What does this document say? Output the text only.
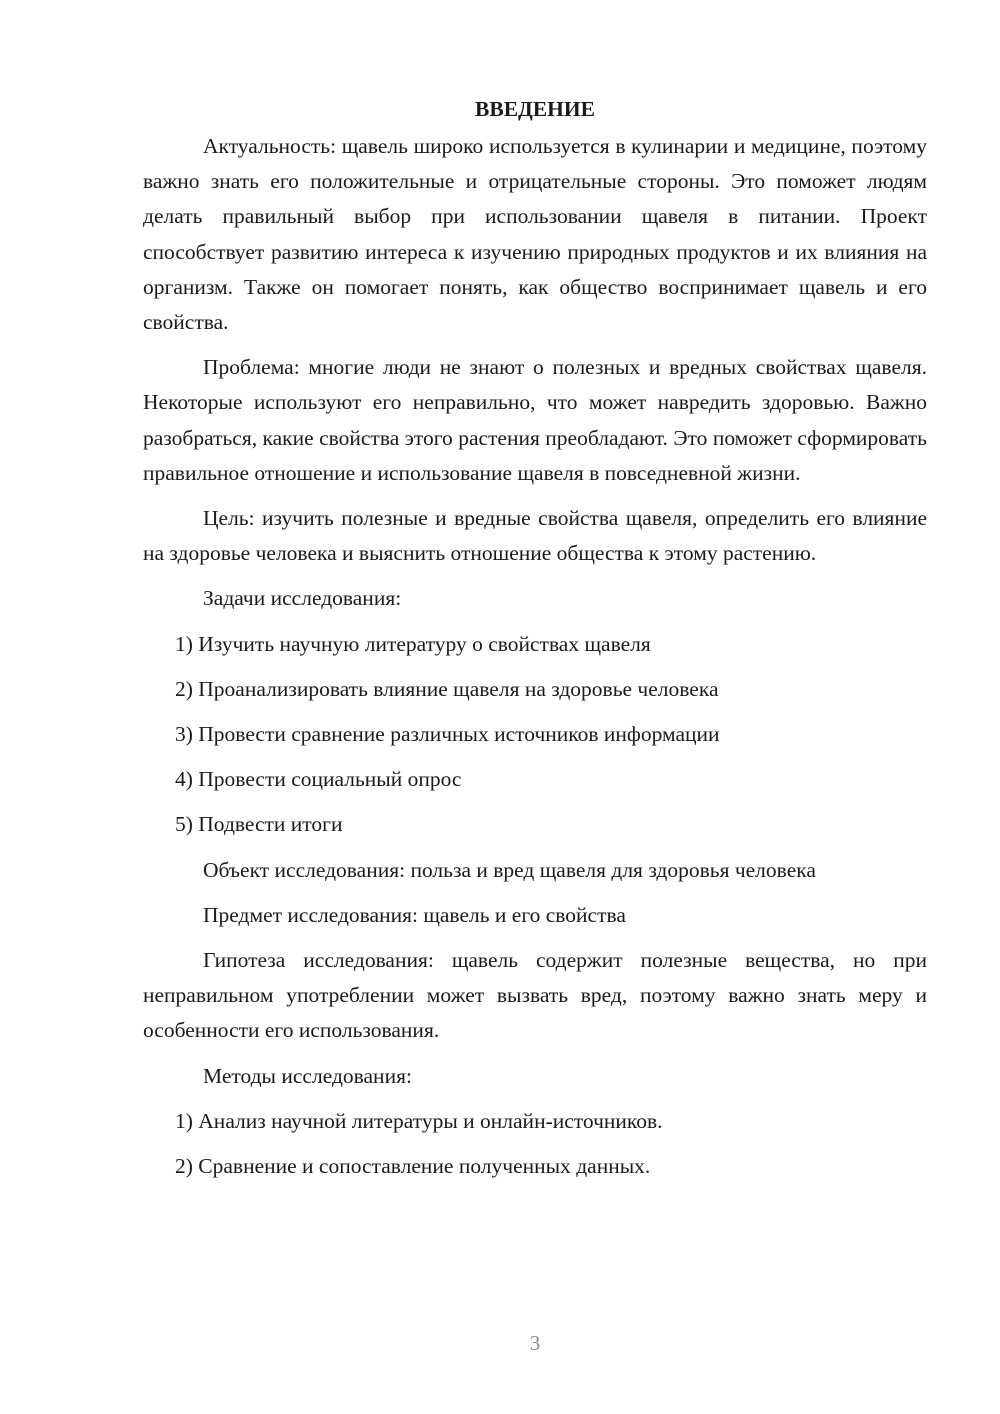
ВВЕДЕНИЕ

Актуальность: щавель широко используется в кулинарии и медицине, поэтому важно знать его положительные и отрицательные стороны. Это поможет людям делать правильный выбор при использовании щавеля в питании. Проект способствует развитию интереса к изучению природных продуктов и их влияния на организм. Также он помогает понять, как общество воспринимает щавель и его свойства.

Проблема: многие люди не знают о полезных и вредных свойствах щавеля. Некоторые используют его неправильно, что может навредить здоровью. Важно разобраться, какие свойства этого растения преобладают. Это поможет сформировать правильное отношение и использование щавеля в повседневной жизни.

Цель: изучить полезные и вредные свойства щавеля, определить его влияние на здоровье человека и выяснить отношение общества к этому растению.

Задачи исследования:
1) Изучить научную литературу о свойствах щавеля
2) Проанализировать влияние щавеля на здоровье человека
3) Провести сравнение различных источников информации
4) Провести социальный опрос
5) Подвести итоги
Объект исследования: польза и вред щавеля для здоровья человека
Предмет исследования: щавель и его свойства

Гипотеза исследования: щавель содержит полезные вещества, но при неправильном употреблении может вызвать вред, поэтому важно знать меру и особенности его использования.

Методы исследования:
1) Анализ научной литературы и онлайн-источников.
2) Сравнение и сопоставление полученных данных.
3
